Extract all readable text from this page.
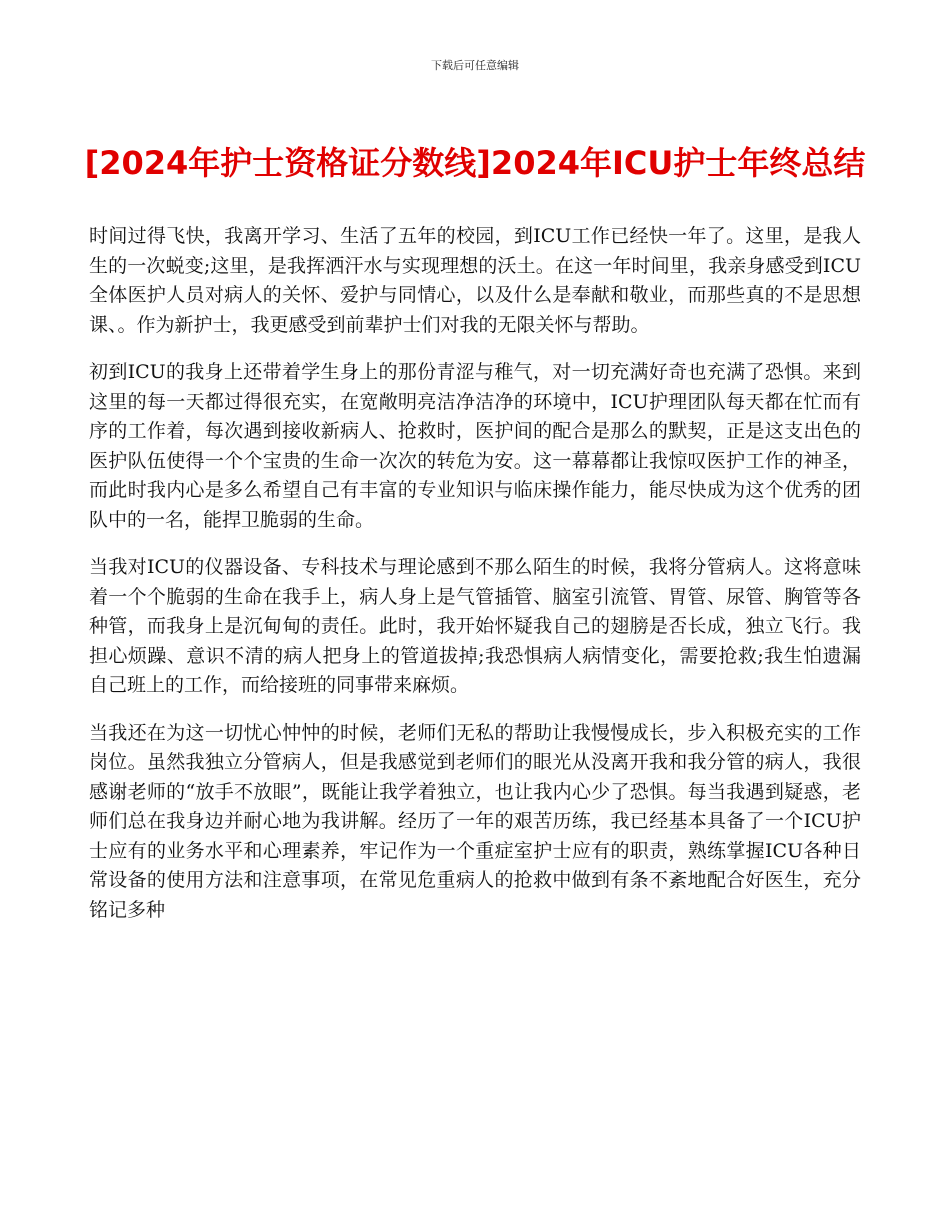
下载后可任意编辑
[2024年护士资格证分数线]2024年ICU护士年终总结

时间过得飞快，我离开学习、生活了五年的校园，到ICU工作已经快一年了。这里，是我人生的一次蜕变;这里，是我挥洒汗水与实现理想的沃土。在这一年时间里，我亲身感受到ICU全体医护人员对病人的关怀、爱护与同情心，以及什么是奉献和敬业，而那些真的不是思想课、。作为新护士，我更感受到前辈护士们对我的无限关怀与帮助。

初到ICU的我身上还带着学生身上的那份青涩与稚气，对一切充满好奇也充满了恐惧。来到这里的每一天都过得很充实，在宽敞明亮洁净洁净的环境中，ICU护理团队每天都在忙而有序的工作着，每次遇到接收新病人、抢救时，医护间的配合是那么的默契，正是这支出色的医护队伍使得一个个宝贵的生命一次次的转危为安。这一幕幕都让我惊叹医护工作的神圣，而此时我内心是多么希望自己有丰富的专业知识与临床操作能力，能尽快成为这个优秀的团队中的一名，能捍卫脆弱的生命。

当我对ICU的仪器设备、专科技术与理论感到不那么陌生的时候，我将分管病人。这将意味着一个个脆弱的生命在我手上，病人身上是气管插管、脑室引流管、胃管、尿管、胸管等各种管，而我身上是沉甸甸的责任。此时，我开始怀疑我自己的翅膀是否长成，独立飞行。我担心烦躁、意识不清的病人把身上的管道拔掉;我恐惧病人病情变化，需要抢救;我生怕遗漏自己班上的工作，而给接班的同事带来麻烦。

当我还在为这一切忧心忡忡的时候，老师们无私的帮助让我慢慢成长，步入积极充实的工作岗位。虽然我独立分管病人，但是我感觉到老师们的眼光从没离开我和我分管的病人，我很感谢老师的“放手不放眼”，既能让我学着独立，也让我内心少了恐惧。每当我遇到疑惑，老师们总在我身边并耐心地为我讲解。经历了一年的艰苦历练，我已经基本具备了一个ICU护士应有的业务水平和心理素养，牢记作为一个重症室护士应有的职责，熟练掌握ICU各种日常设备的使用方法和注意事项，在常见危重病人的抢救中做到有条不紊地配合好医生，充分铭记多种
